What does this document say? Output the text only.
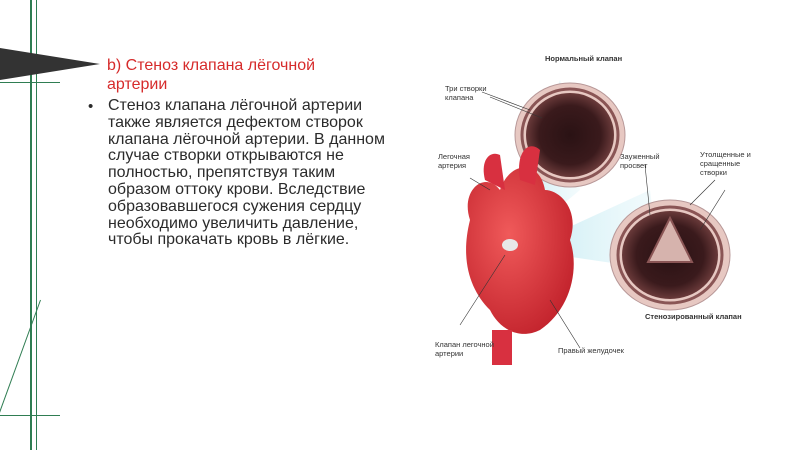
b) Стеноз клапана лёгочной артерии
• Стеноз клапана лёгочной артерии также является дефектом створок клапана лёгочной артерии. В данном случае створки открываются не полностью, препятствуя таким образом оттоку крови. Вследствие образовавшегося сужения сердцу необходимо увеличить давление, чтобы прокачать кровь в лёгкие.
Нормальный клапан
Три створки клапана
Легочная артерия
Зауженный просвет
Утолщенные и сращенные створки
Стенозированный клапан
Клапан легочной артерии	Правый желудочек
